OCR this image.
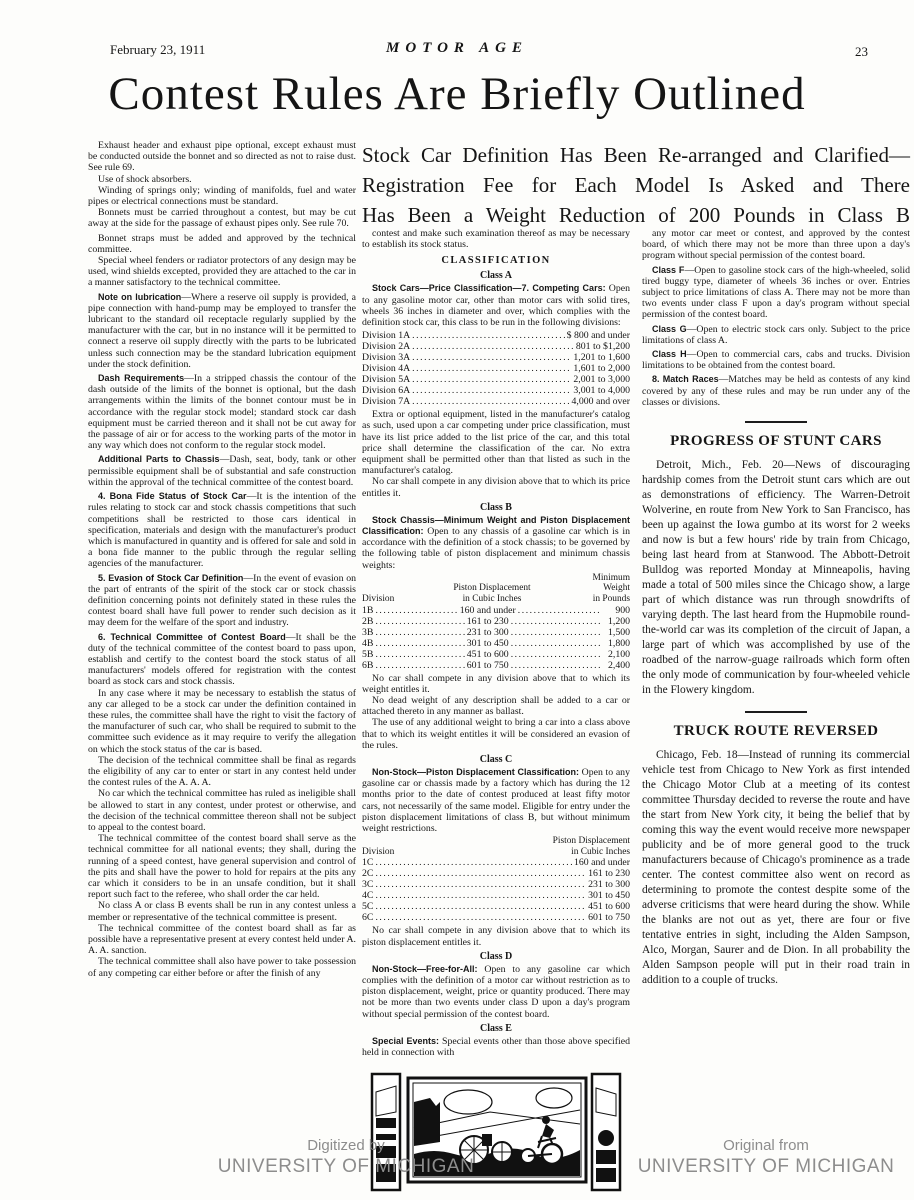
February 23, 1911	MOTOR AGE	23
Contest Rules Are Briefly Outlined

Exhaust header and exhaust pipe optional, except exhaust must be conducted outside the bonnet and so directed as not to raise dust. See rule 69.

Use of shock absorbers.

Winding of springs only; winding of manifolds, fuel and water pipes or electrical connections must be standard.

Bonnets must be carried throughout a contest, but may be cut away at the side for the passage of exhaust pipes only. See rule 70.

Bonnet straps must be added and approved by the technical committee.

Special wheel fenders or radiator protectors of any design may be used, wind shields excepted, provided they are attached to the car in a manner satisfactory to the technical committee.

Note on lubrication—Where a reserve oil supply is provided, a pipe connection with hand-pump may be employed to transfer the lubricant to the standard oil receptacle regularly supplied by the manufacturer with the car, but in no instance will it be permitted to connect a reserve oil supply directly with the parts to be lubricated unless such connection may be the standard lubrication equipment under the stock definition.

Dash Requirements—In a stripped chassis the contour of the dash outside of the limits of the bonnet is optional, but the dash arrangements within the limits of the bonnet contour must be in accordance with the regular stock model; standard stock car dash equipment must be carried thereon and it shall not be cut away for the passage of air or for access to the working parts of the motor in any way which does not conform to the regular stock model.

Additional Parts to Chassis—Dash, seat, body, tank or other permissible equipment shall be of substantial and safe construction within the approval of the technical committee of the contest board.

4. Bona Fide Status of Stock Car—It is the intention of the rules relating to stock car and stock chassis competitions that such competitions shall be restricted to those cars identical in specification, materials and design with the manufacturer's product which is manufactured in quantity and is offered for sale and sold in a bona fide manner to the public through the regular selling agencies of the manufacturer.

5. Evasion of Stock Car Definition—In the event of evasion on the part of entrants of the spirit of the stock car or stock chassis definition concerning points not definitely stated in these rules the contest board shall have full power to render such decision as it may deem for the welfare of the sport and industry.

6. Technical Committee of Contest Board—It shall be the duty of the technical committee of the contest board to pass upon, establish and certify to the contest board the stock status of all manufacturers' models offered for registration with the contest board as stock cars and stock chassis.

In any case where it may be necessary to establish the status of any car alleged to be a stock car under the definition contained in these rules, the committee shall have the right to visit the factory of the manufacturer of such car, who shall be required to submit to the committee such evidence as it may require to verify the allegation on which the stock status of the car is based.

The decision of the technical committee shall be final as regards the eligibility of any car to enter or start in any contest held under the contest rules of the A. A. A.

No car which the technical committee has ruled as ineligible shall be allowed to start in any contest, under protest or otherwise, and the decision of the technical committee thereon shall not be subject to appeal to the contest board.

The technical committee of the contest board shall serve as the technical committee for all national events; they shall, during the running of a speed contest, have general supervision and control of the pits and shall have the power to hold for repairs at the pits any car which it considers to be in an unsafe condition, but it shall report such fact to the referee, who shall order the car held.

No class A or class B events shall be run in any contest unless a member or representative of the technical committee is present.

The technical committee of the contest board shall as far as possible have a representative present at every contest held under A. A. A. sanction.

The technical committee shall also have power to take possession of any competing car either before or after the finish of any

Stock Car Definition Has Been Re-arranged and Clarified—
Registration Fee for Each Model Is Asked and There
Has Been a Weight Reduction of 200 Pounds in Class B

contest and make such examination thereof as may be necessary to establish its stock status.

CLASSIFICATION
Class A

Stock Cars—Price Classification—7. Competing Cars: Open to any gasoline motor car, other than motor cars with solid tires, wheels 36 inches in diameter and over, which complies with the definition stock car, this class to be run in the following divisions:

Division 1A .....	$ 800 and under
Division 2A .....	801 to $1,200
Division 3A .....	1,201 to 1,600
Division 4A .....	1,601 to 2,000
Division 5A .....	2,001 to 3,000
Division 6A .....	3,001 to 4,000
Division 7A .....	4,000 and over

Extra or optional equipment, listed in the manufacturer's catalog as such, used upon a car competing under price classification, must have its list price added to the list price of the car, and this total price shall determine the classification of the car. No extra equipment shall be permitted other than that listed as such in the manufacturer's catalog.

No car shall compete in any division above that to which its price entitles it.

Class B

Stock Chassis—Minimum Weight and Piston Displacement Classification: Open to any chassis of a gasoline car which is in accordance with the definition of a stock chassis; to be governed by the following table of piston displacement and minimum chassis weights:

Minimum
Piston Displacement	Weight
Division	in Cubic Inches	in Pounds
1B .....	160 and under .....	900
2B .....	161 to 230 .....	1,200
3B .....	231 to 300 .....	1,500
4B .....	301 to 450 .....	1,800
5B .....	451 to 600 .....	2,100
6B .....	601 to 750 .....	2,400

No car shall compete in any division above that to which its weight entitles it.

No dead weight of any description shall be added to a car or attached thereto in any manner as ballast.

The use of any additional weight to bring a car into a class above that to which its weight entitles it will be considered an evasion of the rules.

Class C

Non-Stock—Piston Displacement Classification: Open to any gasoline car or chassis made by a factory which has during the 12 months prior to the date of contest produced at least fifty motor cars, not necessarily of the same model. Eligible for entry under the piston displacement limitations of class B, but without minimum weight restrictions.

Piston Displacement
Division	in Cubic Inches
1C .....	160 and under
2C .....	161 to 230
3C .....	231 to 300
4C .....	301 to 450
5C .....	451 to 600
6C .....	601 to 750

No car shall compete in any division above that to which its piston displacement entitles it.

Class D

Non-Stock—Free-for-All: Open to any gasoline car which complies with the definition of a motor car without restriction as to piston displacement, weight, price or quantity produced. There may not be more than two events under class D upon a day's program without special permission of the contest board.

Class E

Special Events: Special events other than those above specified held in connection with

any motor car meet or contest, and approved by the contest board, of which there may not be more than three upon a day's program without special permission of the contest board.

Class F—Open to gasoline stock cars of the high-wheeled, solid tired buggy type, diameter of wheels 36 inches or over. Entries subject to price limitations of class A. There may not be more than two events under class F upon a day's program without special permission of the contest board.

Class G—Open to electric stock cars only. Subject to the price limitations of class A.

Class H—Open to commercial cars, cabs and trucks. Division limitations to be obtained from the contest board.

8. Match Races—Matches may be held as contests of any kind covered by any of these rules and may be run under any of the classes or divisions.

PROGRESS OF STUNT CARS

Detroit, Mich., Feb. 20—News of discouraging hardship comes from the Detroit stunt cars which are out as demonstrations of efficiency. The Warren-Detroit Wolverine, en route from New York to San Francisco, has been up against the Iowa gumbo at its worst for 2 weeks and now is but a few hours' ride by train from Chicago, being last heard from at Stanwood. The Abbott-Detroit Bulldog was reported Monday at Minneapolis, having made a total of 500 miles since the Chicago show, a large part of which distance was run through snowdrifts of varying depth. The last heard from the Hupmobile round-the-world car was its completion of the circuit of Japan, a large part of which was accomplished by use of the roadbed of the narrow-guage railroads which form often the only mode of communication by four-wheeled vehicle in the Flowery kingdom.

TRUCK ROUTE REVERSED

Chicago, Feb. 18—Instead of running its commercial vehicle test from Chicago to New York as first intended the Chicago Motor Club at a meeting of its contest committee Thursday decided to reverse the route and have the start from New York city, it being the belief that by coming this way the event would receive more newspaper publicity and be of more general good to the truck manufacturers because of Chicago's prominence as a trade center. The contest committee also went on record as determining to promote the contest despite some of the adverse criticisms that were heard during the show. While the blanks are not out as yet, there are four or five tentative entries in sight, including the Alden Sampson, Alco, Morgan, Saurer and de Dion. In all probability the Alden Sampson people will put in their road train in addition to a couple of trucks.

Digitized by
UNIVERSITY OF MICHIGAN
Original from
UNIVERSITY OF MICHIGAN
